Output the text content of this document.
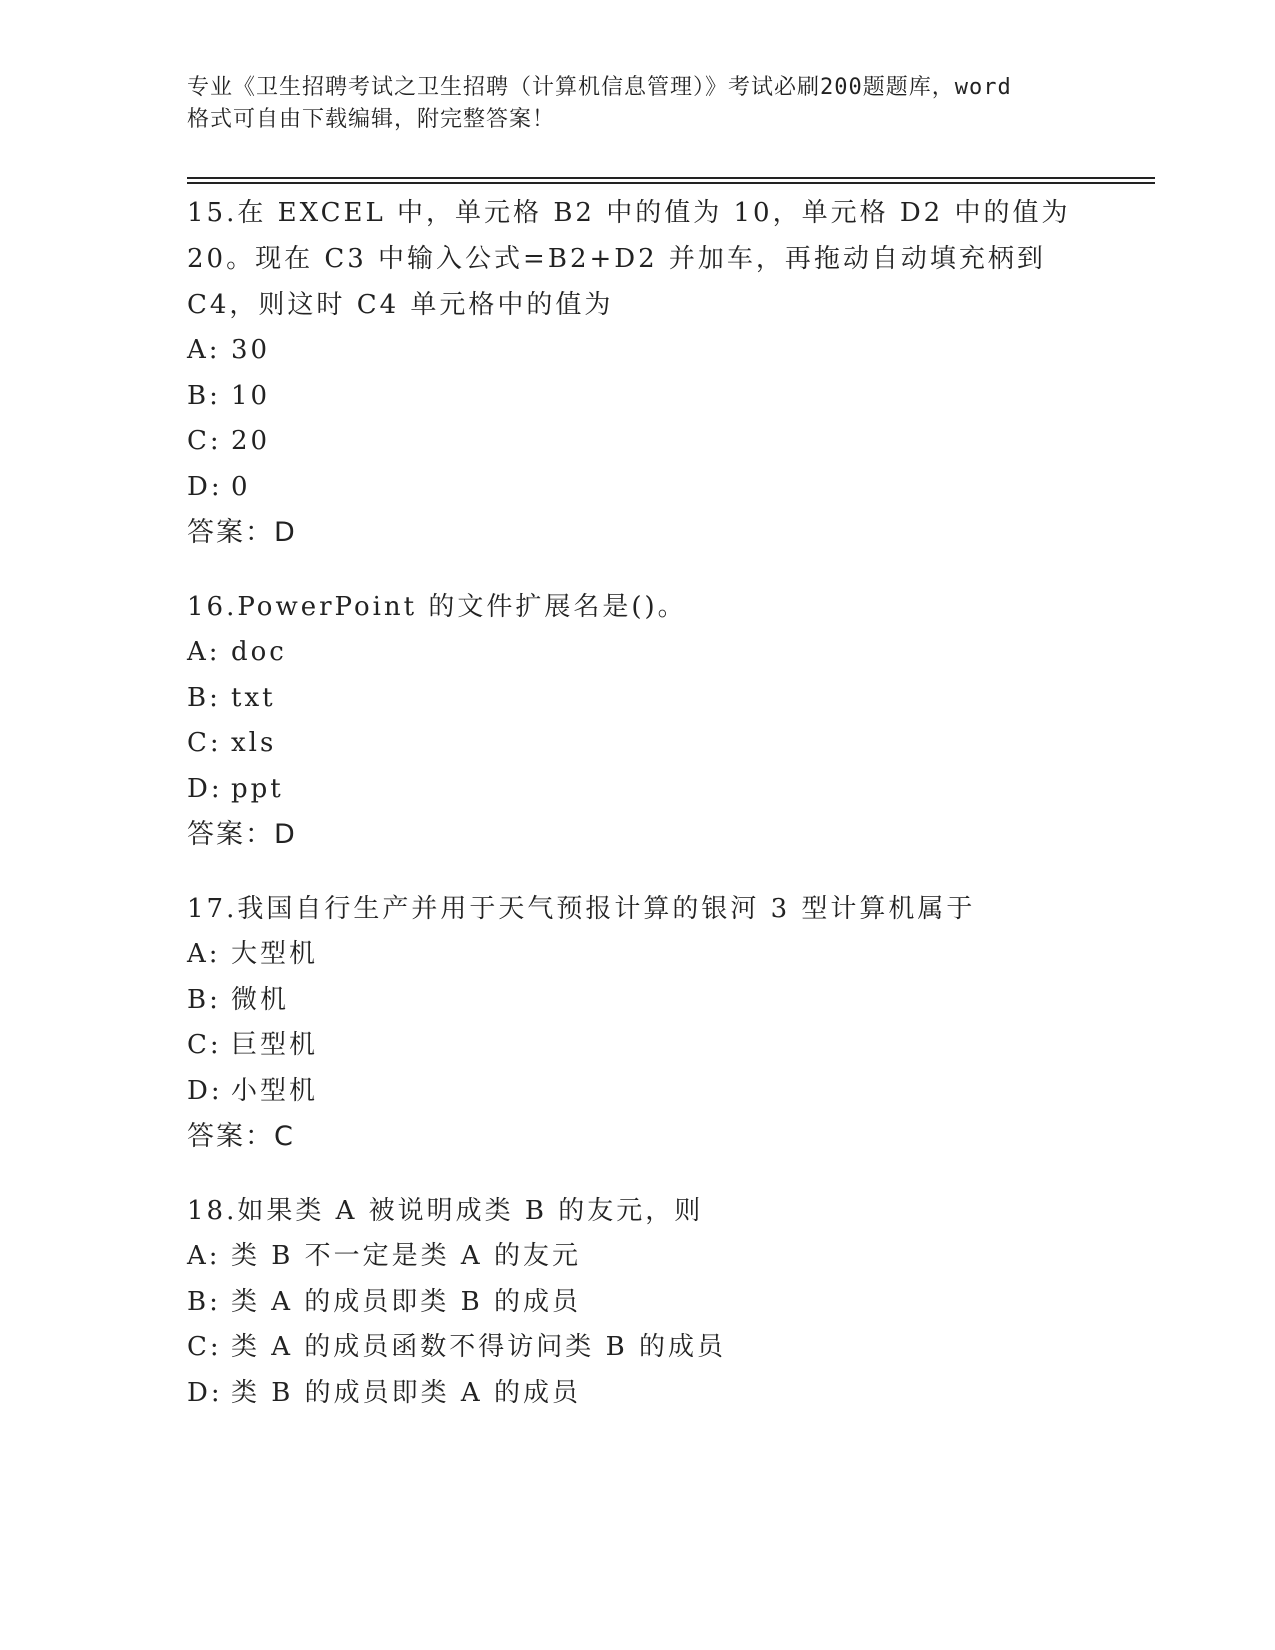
专业《卫生招聘考试之卫生招聘（计算机信息管理）》考试必刷200题题库，word
格式可自由下载编辑，附完整答案！

15.在 EXCEL 中，单元格 B2 中的值为 10，单元格 D2 中的值为 20。现在 C3 中输入公式=B2+D2 并加车，再拖动自动填充柄到 C4，则这时 C4 单元格中的值为

A: 30
B: 10
C: 20
D: 0

答案：D

16.PowerPoint 的文件扩展名是()。

A: doc
B: txt
C: xls
D: ppt

答案：D

17.我国自行生产并用于天气预报计算的银河 3 型计算机属于

A: 大型机
B: 微机
C: 巨型机
D: 小型机

答案：C

18.如果类 A 被说明成类 B 的友元，则

A: 类 B 不一定是类 A 的友元
B: 类 A 的成员即类 B 的成员
C: 类 A 的成员函数不得访问类 B 的成员
D: 类 B 的成员即类 A 的成员
